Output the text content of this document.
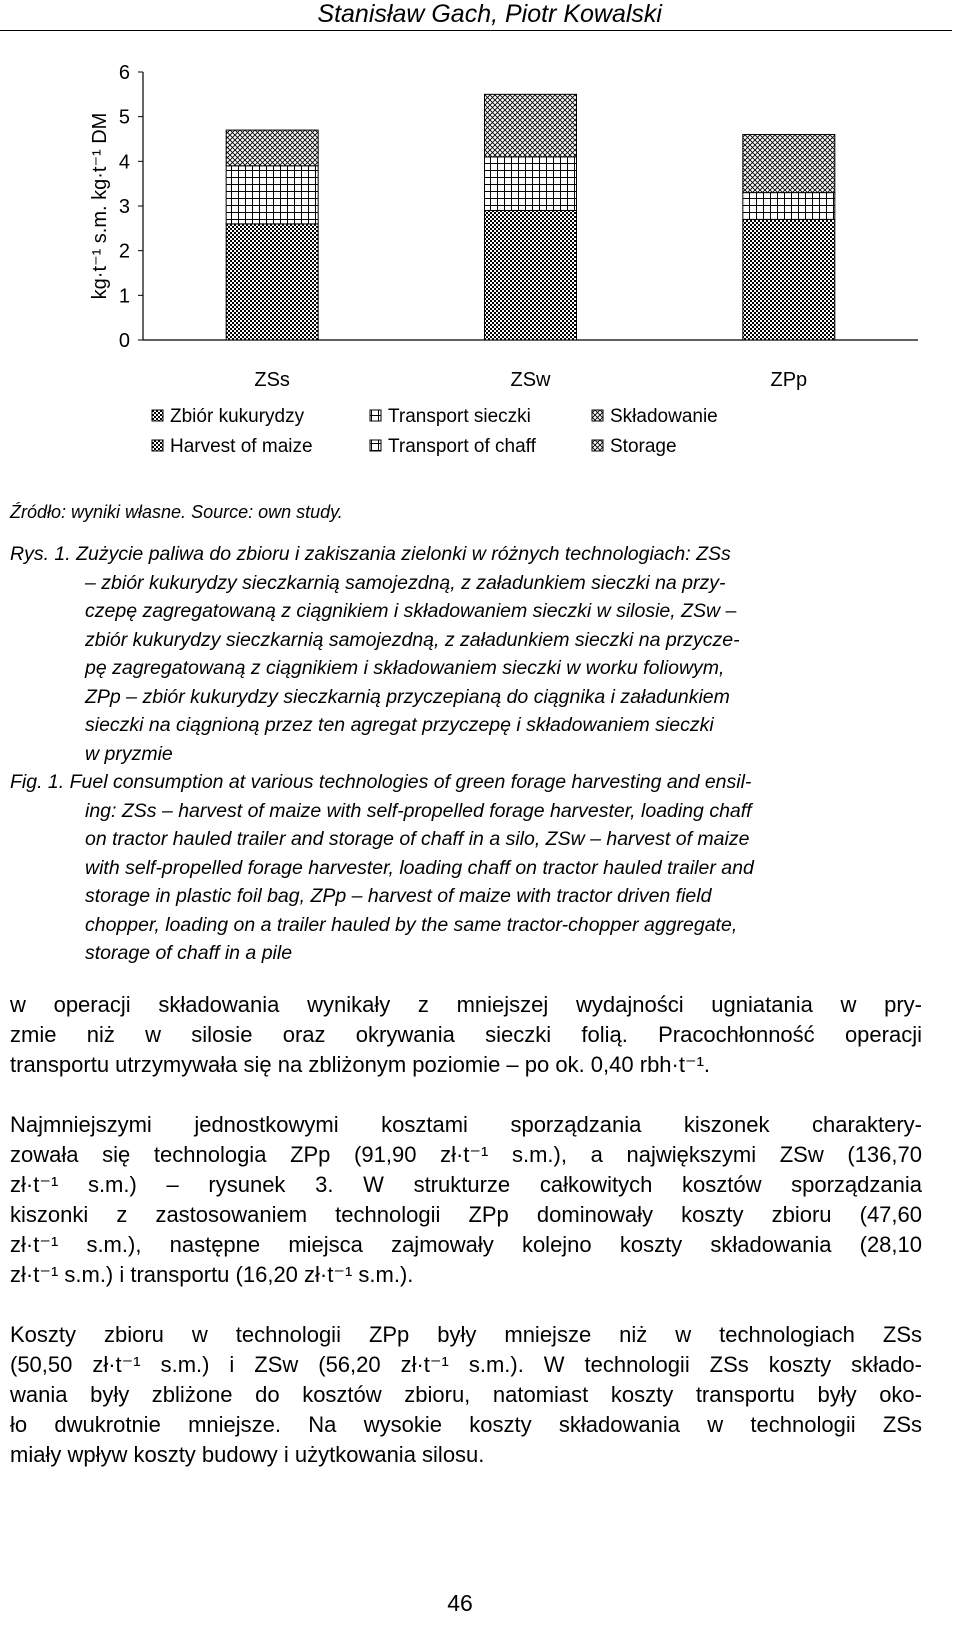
Stanisław Gach, Piotr Kowalski
0
1
2
3
4
5
6
kg·t⁻¹ s.m. kg·t⁻¹ DM
ZSs	ZSw	ZPp
Zbiór kukurydzy
Harvest of maize
Transport sieczki
Transport of chaff
Składowanie
Storage
Źródło: wyniki własne. Source: own study.
Rys. 1. Zużycie paliwa do zbioru i zakiszania zielonki w różnych technologiach: ZSs
– zbiór kukurydzy sieczkarnią samojezdną, z załadunkiem sieczki na przy-
czepę zagregatowaną z ciągnikiem i składowaniem sieczki w silosie, ZSw –
zbiór kukurydzy sieczkarnią samojezdną, z załadunkiem sieczki na przycze-
pę zagregatowaną z ciągnikiem i składowaniem sieczki w worku foliowym,
ZPp – zbiór kukurydzy sieczkarnią przyczepianą do ciągnika i załadunkiem
sieczki na ciągnioną przez ten agregat przyczepę i składowaniem sieczki
w pryzmie
Fig. 1. Fuel consumption at various technologies of green forage harvesting and ensil-
ing: ZSs – harvest of maize with self-propelled forage harvester, loading chaff
on tractor hauled trailer and storage of chaff in a silo, ZSw – harvest of maize
with self-propelled forage harvester, loading chaff on tractor hauled trailer and
storage in plastic foil bag, ZPp – harvest of maize with tractor driven field
chopper, loading on a trailer hauled by the same tractor-chopper aggregate,
storage of chaff in a pile
w operacji składowania wynikały z mniejszej wydajności ugniatania w pry-
zmie niż w silosie oraz okrywania sieczki folią. Pracochłonność operacji
transportu utrzymywała się na zbliżonym poziomie – po ok. 0,40 rbh·t⁻¹.
Najmniejszymi jednostkowymi kosztami sporządzania kiszonek charaktery-
zowała się technologia ZPp (91,90 zł·t⁻¹ s.m.), a największymi ZSw (136,70
zł·t⁻¹ s.m.) – rysunek 3. W strukturze całkowitych kosztów sporządzania
kiszonki z zastosowaniem technologii ZPp dominowały koszty zbioru (47,60
zł·t⁻¹ s.m.), następne miejsca zajmowały kolejno koszty składowania (28,10
zł·t⁻¹ s.m.) i transportu (16,20 zł·t⁻¹ s.m.).
Koszty zbioru w technologii ZPp były mniejsze niż w technologiach ZSs
(50,50 zł·t⁻¹ s.m.) i ZSw (56,20 zł·t⁻¹ s.m.). W technologii ZSs koszty składo-
wania były zbliżone do kosztów zbioru, natomiast koszty transportu były oko-
ło dwukrotnie mniejsze. Na wysokie koszty składowania w technologii ZSs
miały wpływ koszty budowy i użytkowania silosu.
46
